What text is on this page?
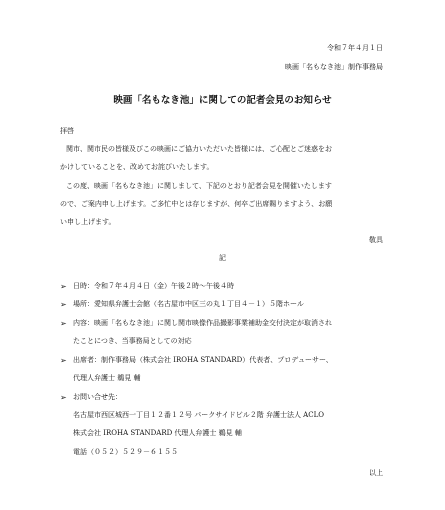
令和７年４月１日
映画「名もなき池」制作事務局
映画「名もなき池」に関しての記者会見のお知らせ
拝啓
関市、関市民の皆様及びこの映画にご協力いただいた皆様には、ご心配とご迷惑をお
かけしていることを、改めてお詫びいたします。
この度、映画「名もなき池」に関しまして、下記のとおり記者会見を開催いたします
ので、ご案内申し上げます。ご多忙中とは存じますが、何卒ご出席賜りますよう、お願
い申し上げます。
敬具
記
➢ 日時：令和７年４月４日（金）午後２時〜午後４時
➢ 場所：愛知県弁護士会館（名古屋市中区三の丸１丁目４－１）５階ホール
➢ 内容：映画「名もなき池」に関し関市映像作品撮影事業補助金交付決定が取消され
たことにつき、当事務局としての対応
➢ 出席者：制作事務局（株式会社 IROHA STANDARD）代表者、プロデューサー、
代理人弁護士 鵜見 輔
➢ お問い合せ先：
名古屋市西区城西一丁目１２番１２号 パークサイドビル２階 弁護士法人 ACLO
株式会社 IROHA STANDARD 代理人弁護士 鵜見 輔
電話（０５２）５２９－６１５５
以上
